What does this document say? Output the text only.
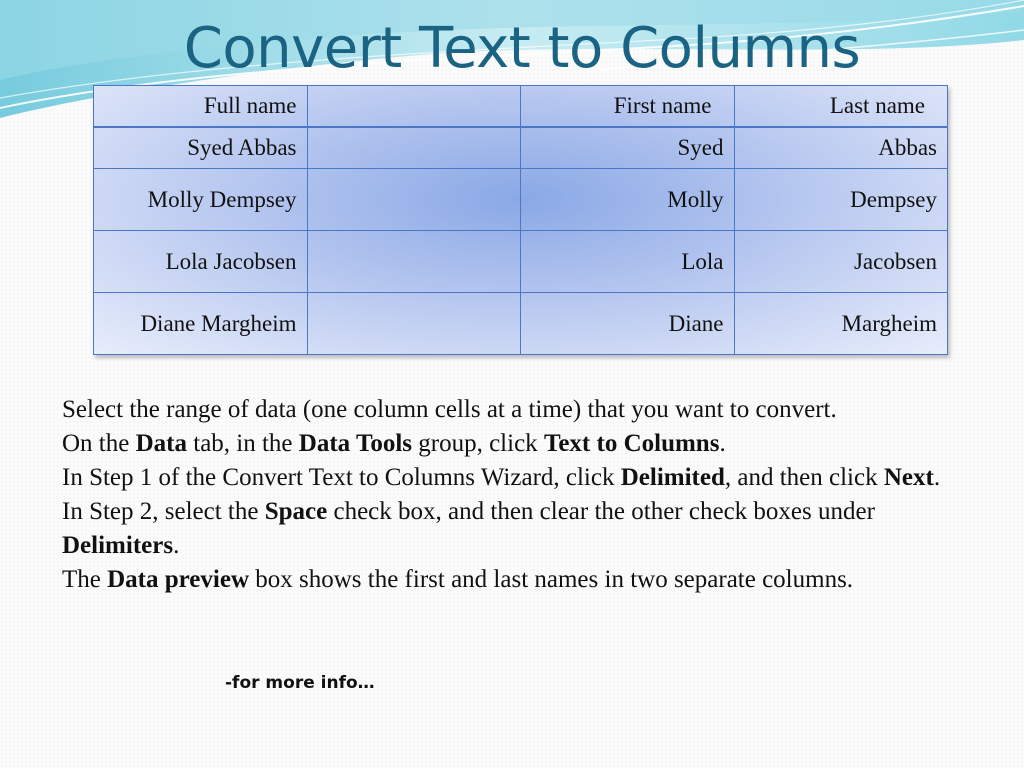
Convert Text to Columns
Full name		First name	Last name
Syed Abbas		Syed	Abbas
Molly Dempsey		Molly	Dempsey
Lola Jacobsen		Lola	Jacobsen
Diane Margheim		Diane	Margheim

Select the range of data (one column cells at a time) that you want to convert.

On the Data tab, in the Data Tools group, click Text to Columns.

In Step 1 of the Convert Text to Columns Wizard, click Delimited, and then click Next.

In Step 2, select the Space check box, and then clear the other check boxes under Delimiters.

The Data preview box shows the first and last names in two separate columns.

-for more info…
